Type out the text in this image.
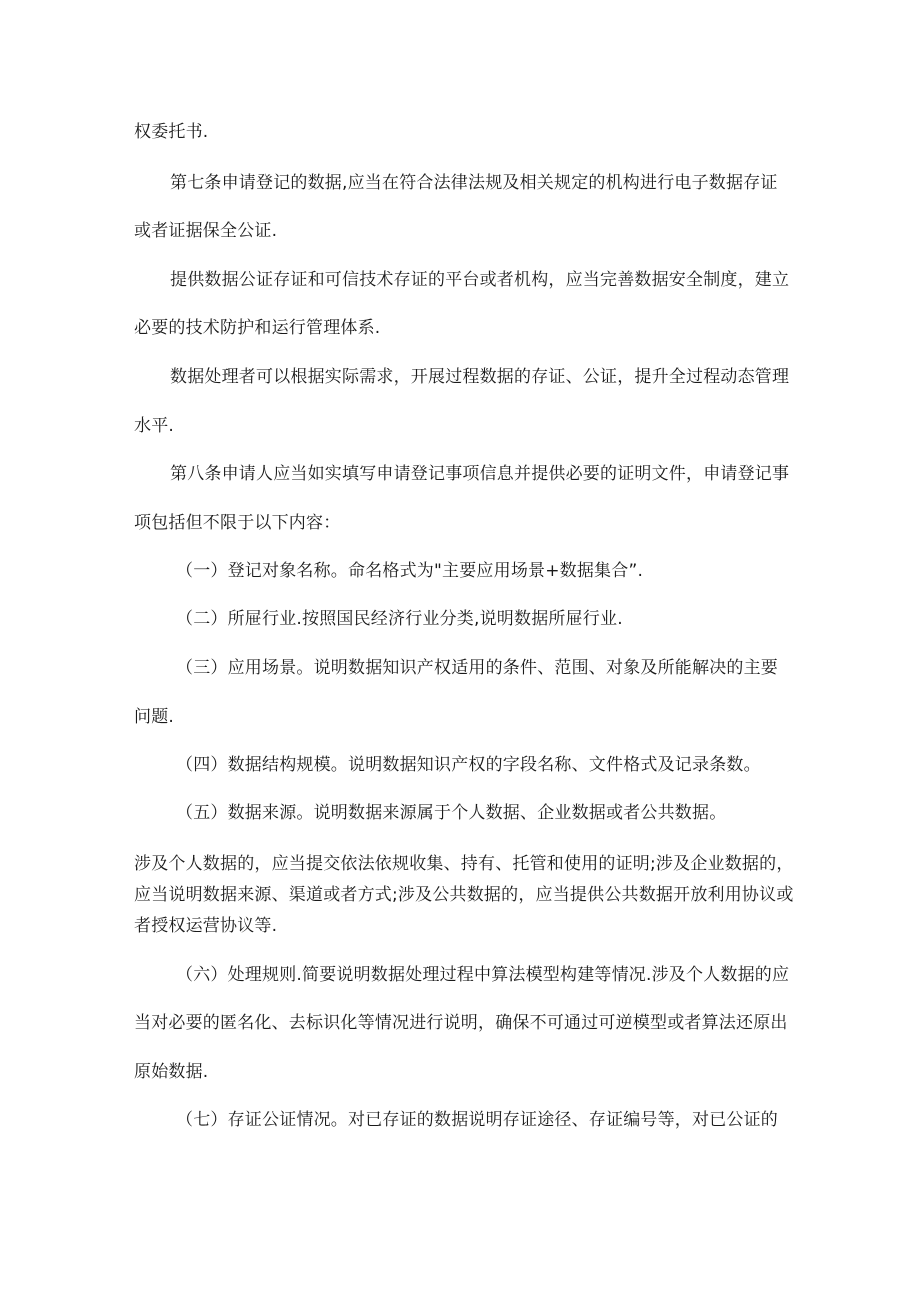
权委托书.
第七条申请登记的数据,应当在符合法律法规及相关规定的机构进行电子数据存证
或者证据保全公证.
提供数据公证存证和可信技术存证的平台或者机构，应当完善数据安全制度，建立
必要的技术防护和运行管理体系.
数据处理者可以根据实际需求，开展过程数据的存证、公证，提升全过程动态管理
水平.
第八条申请人应当如实填写申请登记事项信息并提供必要的证明文件，申请登记事
项包括但不限于以下内容：
（一）登记对象名称。命名格式为"主要应用场景+数据集合”.
（二）所屉行业.按照国民经济行业分类,说明数据所屉行业.
（三）应用场景。说明数据知识产权适用的条件、范围、对象及所能解决的主要
问题.
（四）数据结构规模。说明数据知识产权的字段名称、文件格式及记录条数。
（五）数据来源。说明数据来源属于个人数据、企业数据或者公共数据。
涉及个人数据的，应当提交依法依规收集、持有、托管和使用的证明;涉及企业数据的，
应当说明数据来源、渠道或者方式;涉及公共数据的，应当提供公共数据开放利用协议或
者授权运营协议等.
（六）处理规则.简要说明数据处理过程中算法模型构建等情况.涉及个人数据的应
当对必要的匿名化、去标识化等情况进行说明，确保不可通过可逆模型或者算法还原出
原始数据.
（七）存证公证情况。对已存证的数据说明存证途径、存证编号等，对已公证的
